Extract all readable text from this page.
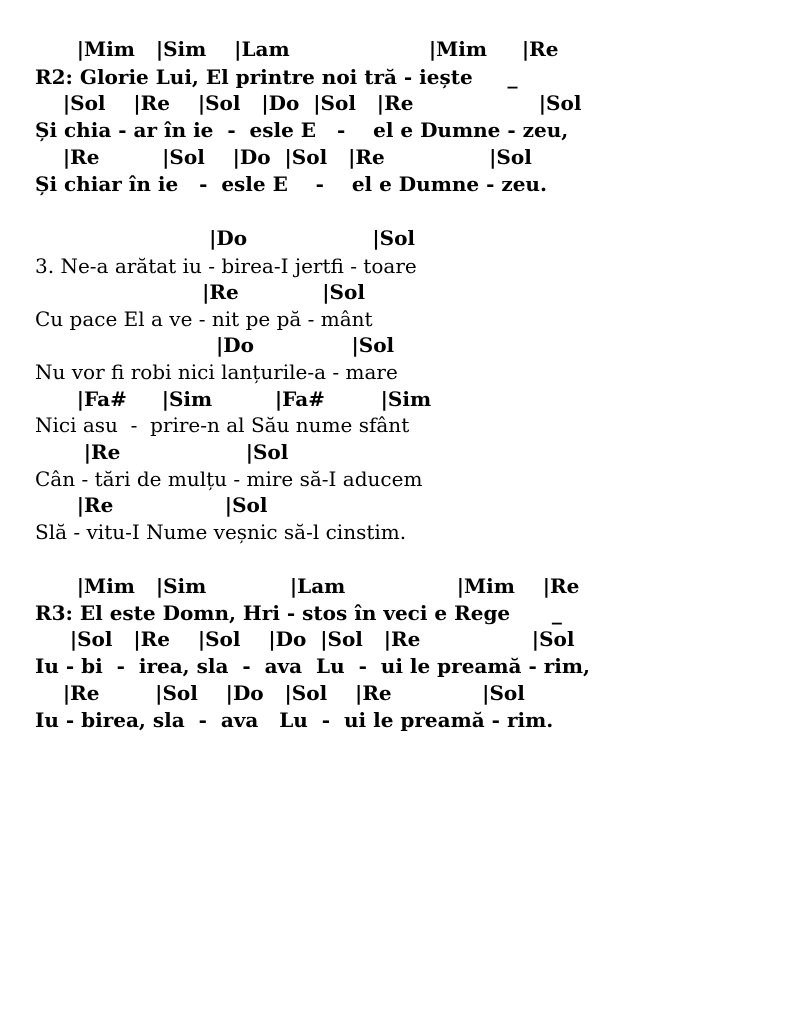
|Mim   |Sim    |Lam                    |Mim     |Re

R2: Glorie Lui, El printre noi tră - iește     _

|Sol    |Re    |Sol   |Do  |Sol   |Re                  |Sol

Și chia - ar în ie  -  esle E   -    el e Dumne - zeu,

|Re         |Sol    |Do  |Sol   |Re               |Sol

Și chiar în ie   -  esle E    -    el e Dumne - zeu.

|Do                  |Sol

3. Ne-a arătat iu - birea-I jertfi - toare

|Re            |Sol

Cu pace El a ve - nit pe pă - mânt

|Do              |Sol

Nu vor fi robi nici lanțurile-a - mare

|Fa#     |Sim         |Fa#        |Sim

Nici asu  -  prire-n al Său nume sfânt

|Re                  |Sol

Cân - tări de mulțu - mire să-I aducem

|Re                |Sol

Slă - vitu-I Nume veșnic să-l cinstim.

|Mim   |Sim            |Lam                |Mim    |Re

R3: El este Domn, Hri - stos în veci e Rege      _

|Sol   |Re    |Sol    |Do  |Sol   |Re                |Sol

Iu - bi  -  irea, sla  -  ava  Lu  -  ui le preamă - rim,

|Re        |Sol    |Do   |Sol    |Re             |Sol

Iu - birea, sla  -  ava   Lu  -  ui le preamă - rim.
